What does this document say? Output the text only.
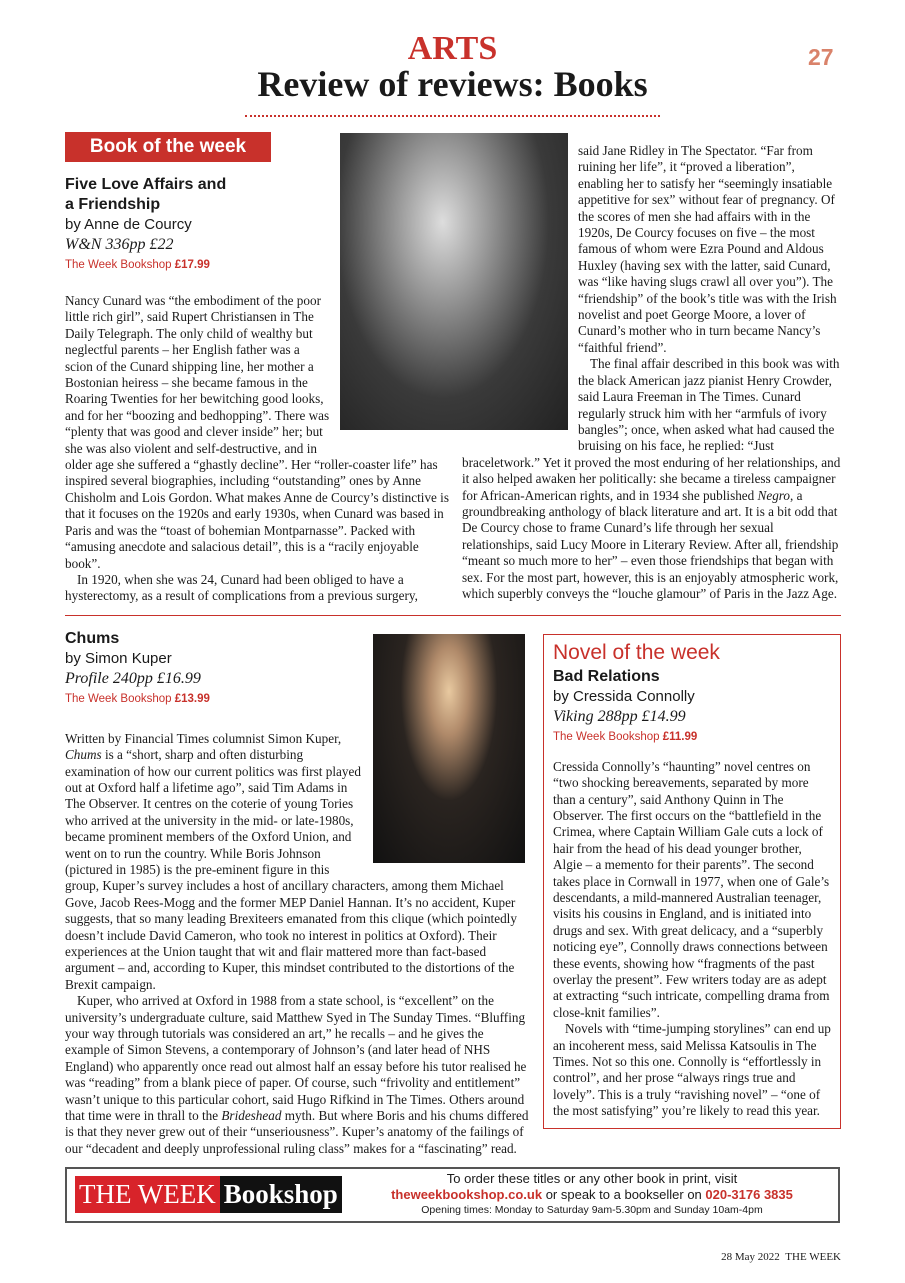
ARTS
Review of reviews: Books
27
Book of the week
Five Love Affairs and
a Friendship
by Anne de Courcy
W&N 336pp £22
The Week Bookshop £17.99

Nancy Cunard was “the embodiment of the poor little rich girl”, said Rupert Christiansen in The Daily Telegraph. The only child of wealthy but neglectful parents – her English father was a scion of the Cunard shipping line, her mother a Bostonian heiress – she became famous in the Roaring Twenties for her bewitching good looks, and for her “boozing and bedhopping”. There was “plenty that was good and clever inside” her; but she was also violent and self-destructive, and in older age she suffered a “ghastly decline”. Her “roller-coaster life” has inspired several biographies, including “outstanding” ones by Anne Chisholm and Lois Gordon. What makes Anne de Courcy’s distinctive is that it focuses on the 1920s and early 1930s, when Cunard was based in Paris and was the “toast of bohemian Montparnasse”. Packed with “amusing anecdote and salacious detail”, this is a “racily enjoyable book”.

In 1920, when she was 24, Cunard had been obliged to have a hysterectomy, as a result of complications from a previous surgery,

said Jane Ridley in The Spectator. “Far from ruining her life”, it “proved a liberation”, enabling her to satisfy her “seemingly insatiable appetitive for sex” without fear of pregnancy. Of the scores of men she had affairs with in the 1920s, De Courcy focuses on five – the most famous of whom were Ezra Pound and Aldous Huxley (having sex with the latter, said Cunard, was “like having slugs crawl all over you”). The “friendship” of the book’s title was with the Irish novelist and poet George Moore, a lover of Cunard’s mother who in turn became Nancy’s “faithful friend”.

The final affair described in this book was with the black American jazz pianist Henry Crowder, said Laura Freeman in The Times. Cunard regularly struck him with her “armfuls of ivory bangles”; once, when asked what had caused the bruising on his face, he replied: “Just braceletwork.” Yet it proved the most enduring of her relationships, and it also helped awaken her politically: she became a tireless campaigner for African-American rights, and in 1934 she published Negro, a groundbreaking anthology of black literature and art. It is a bit odd that De Courcy chose to frame Cunard’s life through her sexual relationships, said Lucy Moore in Literary Review. After all, friendship “meant so much more to her” – even those friendships that began with sex. For the most part, however, this is an enjoyably atmospheric work, which superbly conveys the “louche glamour” of Paris in the Jazz Age.

Chums
by Simon Kuper
Profile 240pp £16.99
The Week Bookshop £13.99

Written by Financial Times columnist Simon Kuper, Chums is a “short, sharp and often disturbing examination of how our current politics was first played out at Oxford half a lifetime ago”, said Tim Adams in The Observer. It centres on the coterie of young Tories who arrived at the university in the mid- or late-1980s, became prominent members of the Oxford Union, and went on to run the country. While Boris Johnson (pictured in 1985) is the pre-eminent figure in this group, Kuper’s survey includes a host of ancillary characters, among them Michael Gove, Jacob Rees-Mogg and the former MEP Daniel Hannan. It’s no accident, Kuper suggests, that so many leading Brexiteers emanated from this clique (which pointedly doesn’t include David Cameron, who took no interest in politics at Oxford). Their experiences at the Union taught that wit and flair mattered more than fact-based argument – and, according to Kuper, this mindset contributed to the distortions of the Brexit campaign.

Kuper, who arrived at Oxford in 1988 from a state school, is “excellent” on the university’s undergraduate culture, said Matthew Syed in The Sunday Times. “Bluffing your way through tutorials was considered an art,” he recalls – and he gives the example of Simon Stevens, a contemporary of Johnson’s (and later head of NHS England) who apparently once read out almost half an essay before his tutor realised he was “reading” from a blank piece of paper. Of course, such “frivolity and entitlement” wasn’t unique to this particular cohort, said Hugo Rifkind in The Times. Others around that time were in thrall to the Brideshead myth. But where Boris and his chums differed is that they never grew out of their “unseriousness”. Kuper’s anatomy of the failings of our “decadent and deeply unprofessional ruling class” makes for a “fascinating” read.

Novel of the week
Bad Relations
by Cressida Connolly
Viking 288pp £14.99
The Week Bookshop £11.99

Cressida Connolly’s “haunting” novel centres on “two shocking bereavements, separated by more than a century”, said Anthony Quinn in The Observer. The first occurs on the “battlefield in the Crimea, where Captain William Gale cuts a lock of hair from the head of his dead younger brother, Algie – a memento for their parents”. The second takes place in Cornwall in 1977, when one of Gale’s descendants, a mild-mannered Australian teenager, visits his cousins in England, and is initiated into drugs and sex. With great delicacy, and a “superbly noticing eye”, Connolly draws connections between these events, showing how “fragments of the past overlay the present”. Few writers today are as adept at extracting “such intricate, compelling drama from close-knit families”.

Novels with “time-jumping storylines” can end up an incoherent mess, said Melissa Katsoulis in The Times. Not so this one. Connolly is “effortlessly in control”, and her prose “always rings true and lovely”. This is a truly “ravishing novel” – “one of the most satisfying” you’re likely to read this year.

THE WEEK Bookshop
To order these titles or any other book in print, visit
theweekbookshop.co.uk or speak to a bookseller on 020-3176 3835
Opening times: Monday to Saturday 9am-5.30pm and Sunday 10am-4pm
28 May 2022 THE WEEK
